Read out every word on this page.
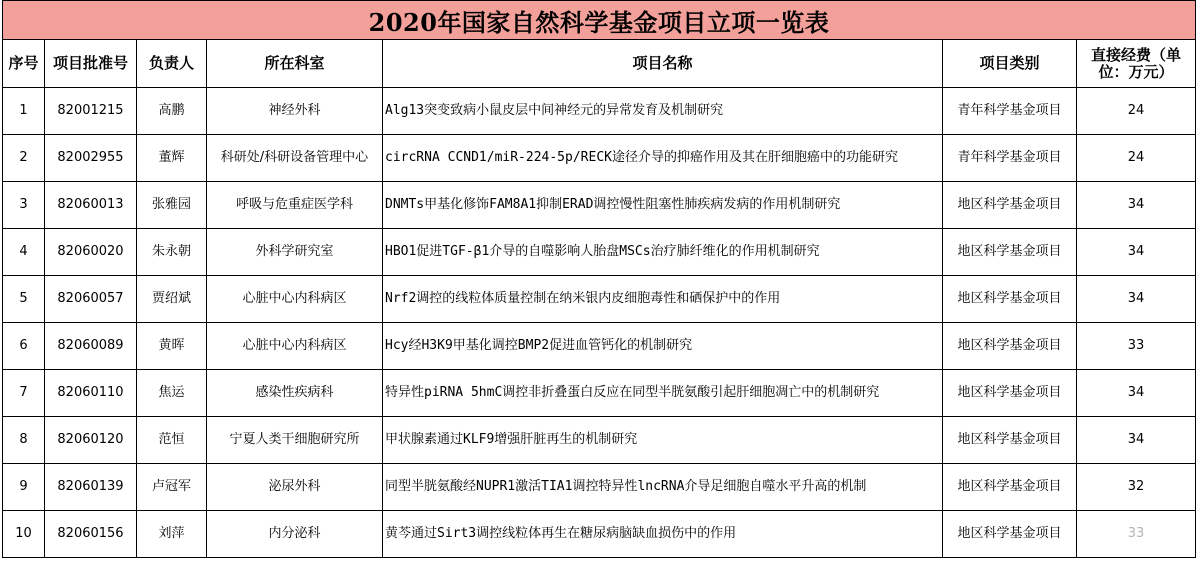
2020年国家自然科学基金项目立项一览表						
序号	项目批准号	负责人	所在科室	项目名称	项目类别	直接经费（单位：万元）
1	82001215	高鹏	神经外科	Alg13突变致病小鼠皮层中间神经元的异常发育及机制研究	青年科学基金项目	24
2	82002955	董辉	科研处/科研设备管理中心	circRNA CCND1/miR-224-5p/RECK途径介导的抑癌作用及其在肝细胞癌中的功能研究	青年科学基金项目	24
3	82060013	张雅园	呼吸与危重症医学科	DNMTs甲基化修饰FAM8A1抑制ERAD调控慢性阻塞性肺疾病发病的作用机制研究	地区科学基金项目	34
4	82060020	朱永朝	外科学研究室	HBO1促进TGF-β1介导的自噬影响人胎盘MSCs治疗肺纤维化的作用机制研究	地区科学基金项目	34
5	82060057	贾绍斌	心脏中心内科病区	Nrf2调控的线粒体质量控制在纳米银内皮细胞毒性和硒保护中的作用	地区科学基金项目	34
6	82060089	黄晖	心脏中心内科病区	Hcy经H3K9甲基化调控BMP2促进血管钙化的机制研究	地区科学基金项目	33
7	82060110	焦运	感染性疾病科	特异性piRNA 5hmC调控非折叠蛋白反应在同型半胱氨酸引起肝细胞凋亡中的机制研究	地区科学基金项目	34
8	82060120	范恒	宁夏人类干细胞研究所	甲状腺素通过KLF9增强肝脏再生的机制研究	地区科学基金项目	34
9	82060139	卢冠军	泌尿外科	同型半胱氨酸经NUPR1激活TIA1调控特异性lncRNA介导足细胞自噬水平升高的机制	地区科学基金项目	32
10	82060156	刘萍	内分泌科	黄芩通过Sirt3调控线粒体再生在糖尿病脑缺血损伤中的作用	地区科学基金项目	33
